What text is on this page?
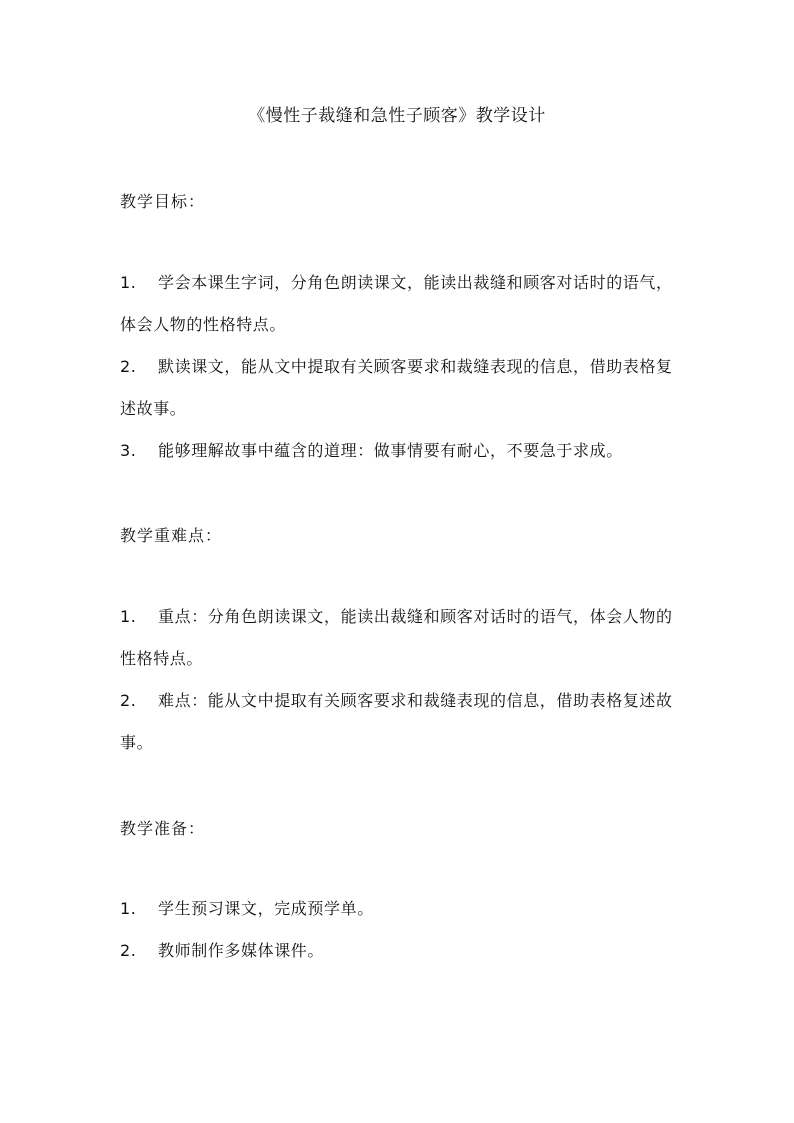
《慢性子裁缝和急性子顾客》教学设计
教学目标：
1. 学会本课生字词，分角色朗读课文，能读出裁缝和顾客对话时的语气，体会人物的性格特点。
2. 默读课文，能从文中提取有关顾客要求和裁缝表现的信息，借助表格复述故事。
3. 能够理解故事中蕴含的道理：做事情要有耐心，不要急于求成。
教学重难点：
1. 重点：分角色朗读课文，能读出裁缝和顾客对话时的语气，体会人物的性格特点。
2. 难点：能从文中提取有关顾客要求和裁缝表现的信息，借助表格复述故事。
教学准备：
1. 学生预习课文，完成预学单。
2. 教师制作多媒体课件。
